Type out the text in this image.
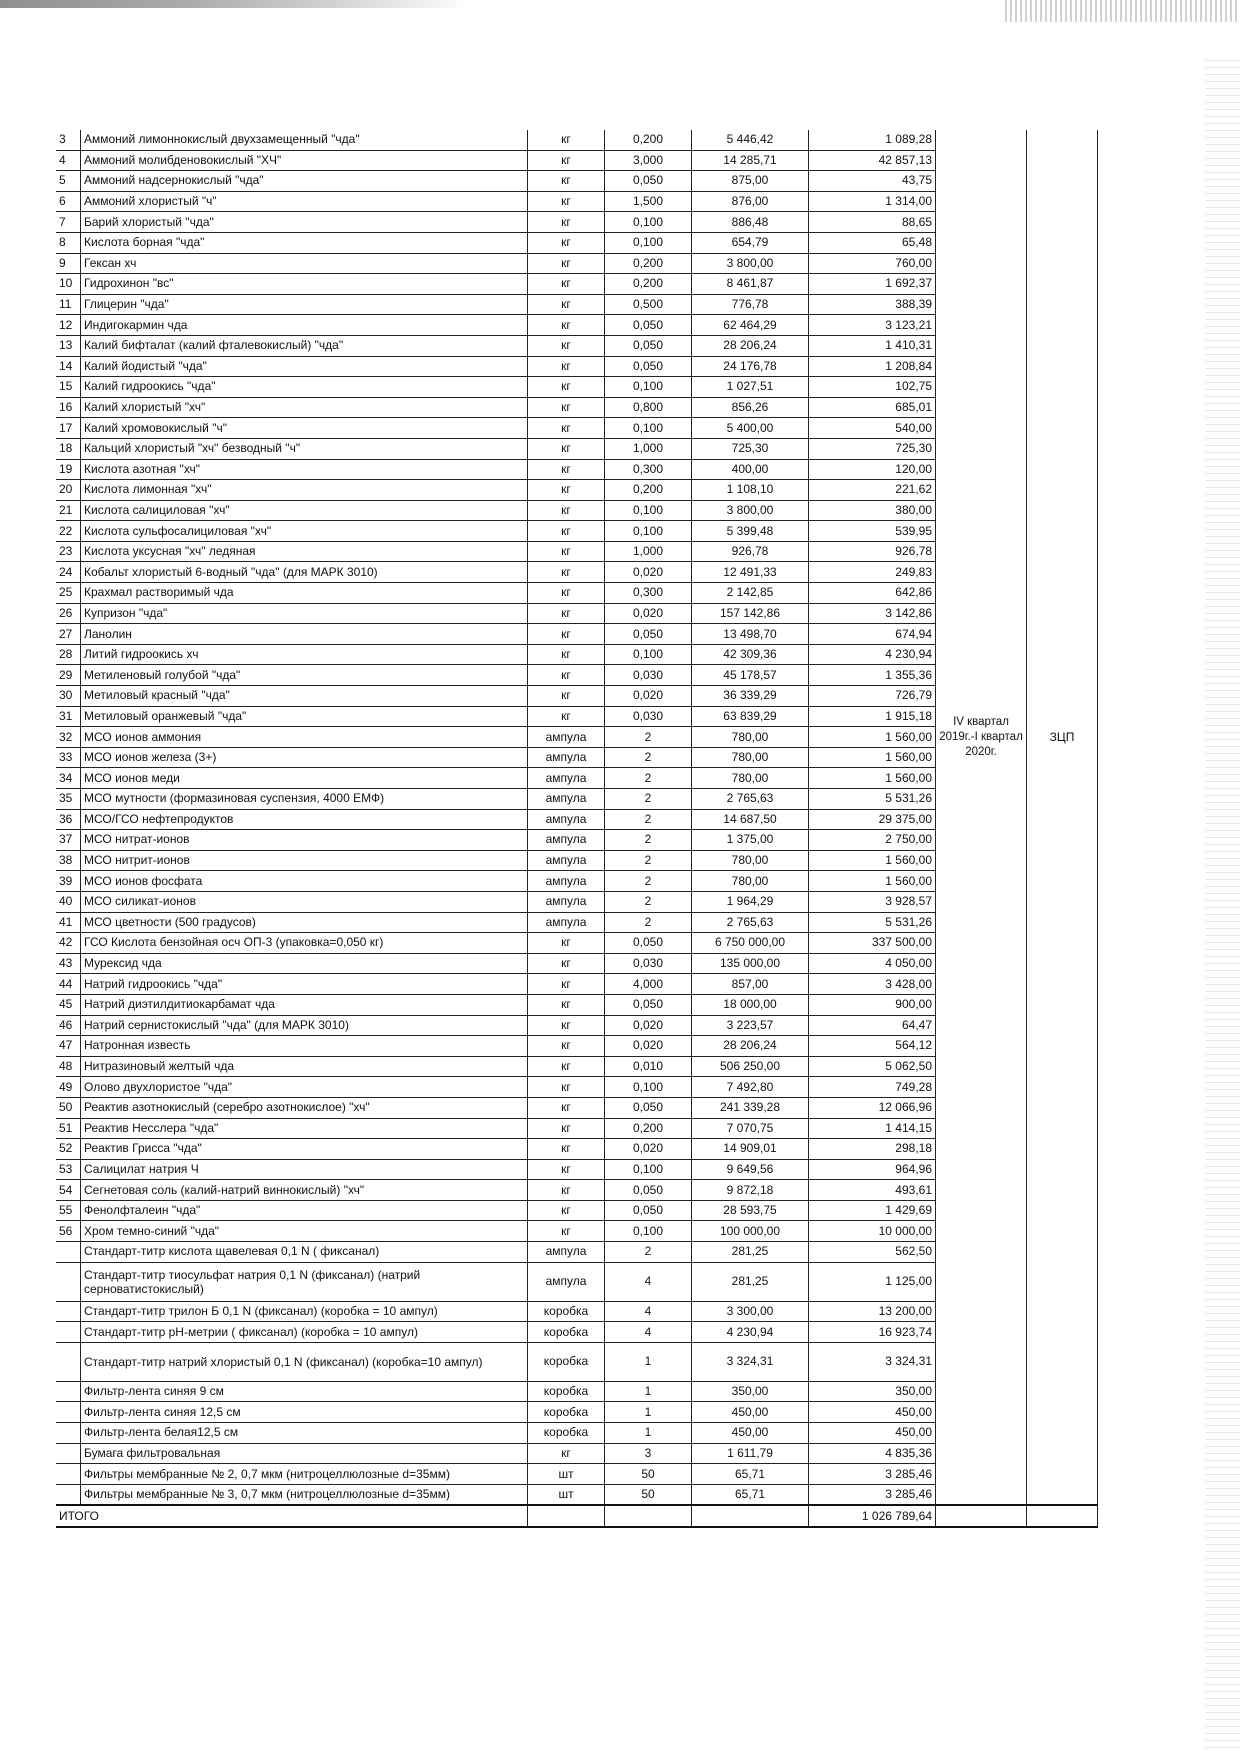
3	Аммоний лимоннокислый двухзамещенный "чда"	кг	0,200	5 446,42	1 089,28		
4	Аммоний молибденовокислый "ХЧ"	кг	3,000	14 285,71	42 857,13		
5	Аммоний надсернокислый "чда"	кг	0,050	875,00	43,75		
6	Аммоний хлористый "ч"	кг	1,500	876,00	1 314,00		
7	Барий хлористый "чда"	кг	0,100	886,48	88,65		
8	Кислота борная "чда"	кг	0,100	654,79	65,48		
9	Гексан хч	кг	0,200	3 800,00	760,00		
10	Гидрохинон "вс"	кг	0,200	8 461,87	1 692,37		
11	Глицерин "чда"	кг	0,500	776,78	388,39		
12	Индигокармин чда	кг	0,050	62 464,29	3 123,21		
13	Калий бифталат (калий фталевокислый) "чда"	кг	0,050	28 206,24	1 410,31		
14	Калий йодистый "чда"	кг	0,050	24 176,78	1 208,84		
15	Калий гидроокись "чда"	кг	0,100	1 027,51	102,75		
16	Калий хлористый "хч"	кг	0,800	856,26	685,01		
17	Калий хромовокислый "ч"	кг	0,100	5 400,00	540,00		
18	Кальций хлористый "хч" безводный "ч"	кг	1,000	725,30	725,30		
19	Кислота азотная "хч"	кг	0,300	400,00	120,00		
20	Кислота лимонная "хч"	кг	0,200	1 108,10	221,62		
21	Кислота салициловая "хч"	кг	0,100	3 800,00	380,00		
22	Кислота сульфосалициловая "хч"	кг	0,100	5 399,48	539,95		
23	Кислота уксусная "хч" ледяная	кг	1,000	926,78	926,78		
24	Кобальт хлористый 6-водный "чда" (для МАРК 3010)	кг	0,020	12 491,33	249,83		
25	Крахмал растворимый чда	кг	0,300	2 142,85	642,86		
26	Купризон "чда"	кг	0,020	157 142,86	3 142,86		
27	Ланолин	кг	0,050	13 498,70	674,94		
28	Литий гидроокись хч	кг	0,100	42 309,36	4 230,94		
29	Метиленовый голубой "чда"	кг	0,030	45 178,57	1 355,36		
30	Метиловый красный "чда"	кг	0,020	36 339,29	726,79		
31	Метиловый оранжевый "чда"	кг	0,030	63 839,29	1 915,18	IV квартал 2019г.-I квартал 2020г.	ЗЦП
32	МСО ионов аммония	ампула	2	780,00	1 560,00		
33	МСО ионов железа (3+)	ампула	2	780,00	1 560,00		
34	МСО ионов меди	ампула	2	780,00	1 560,00		
35	МСО мутности (формазиновая суспензия, 4000 ЕМФ)	ампула	2	2 765,63	5 531,26		
36	МСО/ГСО нефтепродуктов	ампула	2	14 687,50	29 375,00		
37	МСО нитрат-ионов	ампула	2	1 375,00	2 750,00		
38	МСО нитрит-ионов	ампула	2	780,00	1 560,00		
39	МСО ионов фосфата	ампула	2	780,00	1 560,00		
40	МСО силикат-ионов	ампула	2	1 964,29	3 928,57		
41	МСО цветности (500 градусов)	ампула	2	2 765,63	5 531,26		
42	ГСО Кислота бензойная осч ОП-3 (упаковка=0,050 кг)	кг	0,050	6 750 000,00	337 500,00		
43	Мурексид чда	кг	0,030	135 000,00	4 050,00		
44	Натрий гидроокись "чда"	кг	4,000	857,00	3 428,00		
45	Натрий диэтилдитиокарбамат чда	кг	0,050	18 000,00	900,00		
46	Натрий сернистокислый "чда" (для МАРК 3010)	кг	0,020	3 223,57	64,47		
47	Натронная известь	кг	0,020	28 206,24	564,12		
48	Нитразиновый желтый чда	кг	0,010	506 250,00	5 062,50		
49	Олово двухлористое "чда"	кг	0,100	7 492,80	749,28		
50	Реактив азотнокислый (серебро азотнокислое) "хч"	кг	0,050	241 339,28	12 066,96		
51	Реактив Несслера "чда"	кг	0,200	7 070,75	1 414,15		
52	Реактив Грисса "чда"	кг	0,020	14 909,01	298,18		
53	Салицилат натрия Ч	кг	0,100	9 649,56	964,96		
54	Сегнетовая соль (калий-натрий виннокислый) "хч"	кг	0,050	9 872,18	493,61		
55	Фенолфталеин "чда"	кг	0,050	28 593,75	1 429,69		
56	Хром темно-синий "чда"	кг	0,100	100 000,00	10 000,00		
	Стандарт-титр кислота щавелевая 0,1 N ( фиксанал)	ампула	2	281,25	562,50		
	Стандарт-титр тиосульфат натрия 0,1 N (фиксанал) (натрий серноватистокислый)	ампула	4	281,25	1 125,00		
	Стандарт-титр трилон Б 0,1 N (фиксанал) (коробка = 10 ампул)	коробка	4	3 300,00	13 200,00		
	Стандарт-титр рН-метрии ( фиксанал) (коробка = 10 ампул)	коробка	4	4 230,94	16 923,74		
	Стандарт-титр натрий хлористый 0,1 N (фиксанал) (коробка=10 ампул)	коробка	1	3 324,31	3 324,31		
	Фильтр-лента синяя 9 см	коробка	1	350,00	350,00		
	Фильтр-лента синяя 12,5 см	коробка	1	450,00	450,00		
	Фильтр-лента белая12,5 см	коробка	1	450,00	450,00		
	Бумага фильтровальная	кг	3	1 611,79	4 835,36		
	Фильтры мембранные № 2, 0,7 мкм (нитроцеллюлозные d=35мм)	шт	50	65,71	3 285,46		
	Фильтры мембранные № 3, 0,7 мкм (нитроцеллюлозные d=35мм)	шт	50	65,71	3 285,46		
ИТОГО					1 026 789,64		
